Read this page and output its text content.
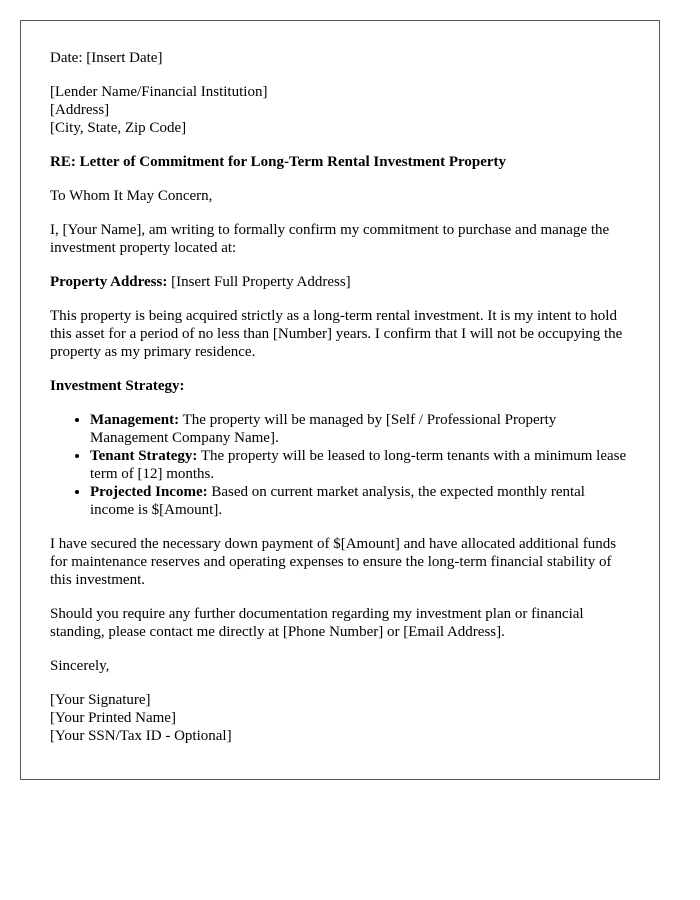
Date: [Insert Date]

[Lender Name/Financial Institution]
[Address]
[City, State, Zip Code]

RE: Letter of Commitment for Long-Term Rental Investment Property

To Whom It May Concern,

I, [Your Name], am writing to formally confirm my commitment to purchase and manage the investment property located at:

Property Address: [Insert Full Property Address]

This property is being acquired strictly as a long-term rental investment. It is my intent to hold this asset for a period of no less than [Number] years. I confirm that I will not be occupying the property as my primary residence.

Investment Strategy:

• Management: The property will be managed by [Self / Professional Property Management Company Name].
• Tenant Strategy: The property will be leased to long-term tenants with a minimum lease term of [12] months.
• Projected Income: Based on current market analysis, the expected monthly rental income is $[Amount].

I have secured the necessary down payment of $[Amount] and have allocated additional funds for maintenance reserves and operating expenses to ensure the long-term financial stability of this investment.

Should you require any further documentation regarding my investment plan or financial standing, please contact me directly at [Phone Number] or [Email Address].

Sincerely,

[Your Signature]
[Your Printed Name]
[Your SSN/Tax ID - Optional]
